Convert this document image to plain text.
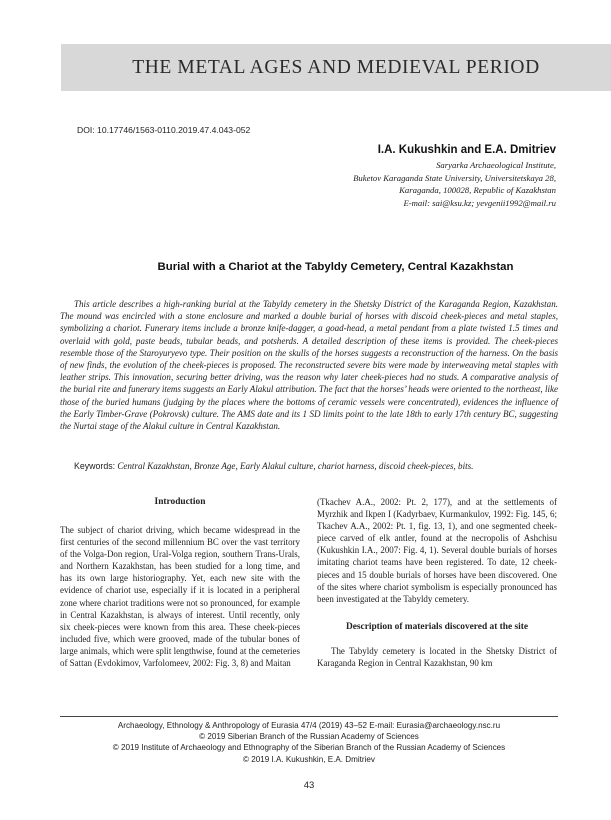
THE METAL AGES AND MEDIEVAL PERIOD
DOI: 10.17746/1563-0110.2019.47.4.043-052
I.A. Kukushkin and E.A. Dmitriev
Saryarka Archaeological Institute,
Buketov Karaganda State University, Universitetskaya 28,
Karaganda, 100028, Republic of Kazakhstan
E-mail: sai@ksu.kz; yevgenii1992@mail.ru
Burial with a Chariot at the Tabyldy Cemetery, Central Kazakhstan

This article describes a high-ranking burial at the Tabyldy cemetery in the Shetsky District of the Karaganda Region, Kazakhstan. The mound was encircled with a stone enclosure and marked a double burial of horses with discoid cheek-pieces and metal staples, symbolizing a chariot. Funerary items include a bronze knife-dagger, a goad-head, a metal pendant from a plate twisted 1.5 times and overlaid with gold, paste beads, tubular beads, and potsherds. A detailed description of these items is provided. The cheek-pieces resemble those of the Staroyuryevo type. Their position on the skulls of the horses suggests a reconstruction of the harness. On the basis of new finds, the evolution of the cheek-pieces is proposed. The reconstructed severe bits were made by interweaving metal staples with leather strips. This innovation, securing better driving, was the reason why later cheek-pieces had no studs. A comparative analysis of the burial rite and funerary items suggests an Early Alakul attribution. The fact that the horses’ heads were oriented to the northeast, like those of the buried humans (judging by the places where the bottoms of ceramic vessels were concentrated), evidences the influence of the Early Timber-Grave (Pokrovsk) culture. The AMS date and its 1 SD limits point to the late 18th to early 17th century BC, suggesting the Nurtai stage of the Alakul culture in Central Kazakhstan.

Keywords: Central Kazakhstan, Bronze Age, Early Alakul culture, chariot harness, discoid cheek-pieces, bits.
Introduction

The subject of chariot driving, which became widespread in the first centuries of the second millennium BC over the vast territory of the Volga-Don region, Ural-Volga region, southern Trans-Urals, and Northern Kazakhstan, has been studied for a long time, and has its own large historiography. Yet, each new site with the evidence of chariot use, especially if it is located in a peripheral zone where chariot traditions were not so pronounced, for example in Central Kazakhstan, is always of interest. Until recently, only six cheek-pieces were known from this area. These cheek-pieces included five, which were grooved, made of the tubular bones of large animals, which were split lengthwise, found at the cemeteries of Sattan (Evdokimov, Varfolomeev, 2002: Fig. 3, 8) and Maitan

(Tkachev A.A., 2002: Pt. 2, 177), and at the settlements of Myrzhik and Ikpen I (Kadyrbaev, Kurmankulov, 1992: Fig. 145, 6; Tkachev A.A., 2002: Pt. 1, fig. 13, 1), and one segmented cheek-piece carved of elk antler, found at the necropolis of Ashchisu (Kukushkin I.A., 2007: Fig. 4, 1). Several double burials of horses imitating chariot teams have been registered. To date, 12 cheek-pieces and 15 double burials of horses have been discovered. One of the sites where chariot symbolism is especially pronounced has been investigated at the Tabyldy cemetery.

Description of materials discovered at the site

The Tabyldy cemetery is located in the Shetsky District of Karaganda Region in Central Kazakhstan, 90 km

Archaeology, Ethnology & Anthropology of Eurasia 47/4 (2019) 43–52 E-mail: Eurasia@archaeology.nsc.ru
© 2019 Siberian Branch of the Russian Academy of Sciences
© 2019 Institute of Archaeology and Ethnography of the Siberian Branch of the Russian Academy of Sciences
© 2019 I.A. Kukushkin, E.A. Dmitriev
43
